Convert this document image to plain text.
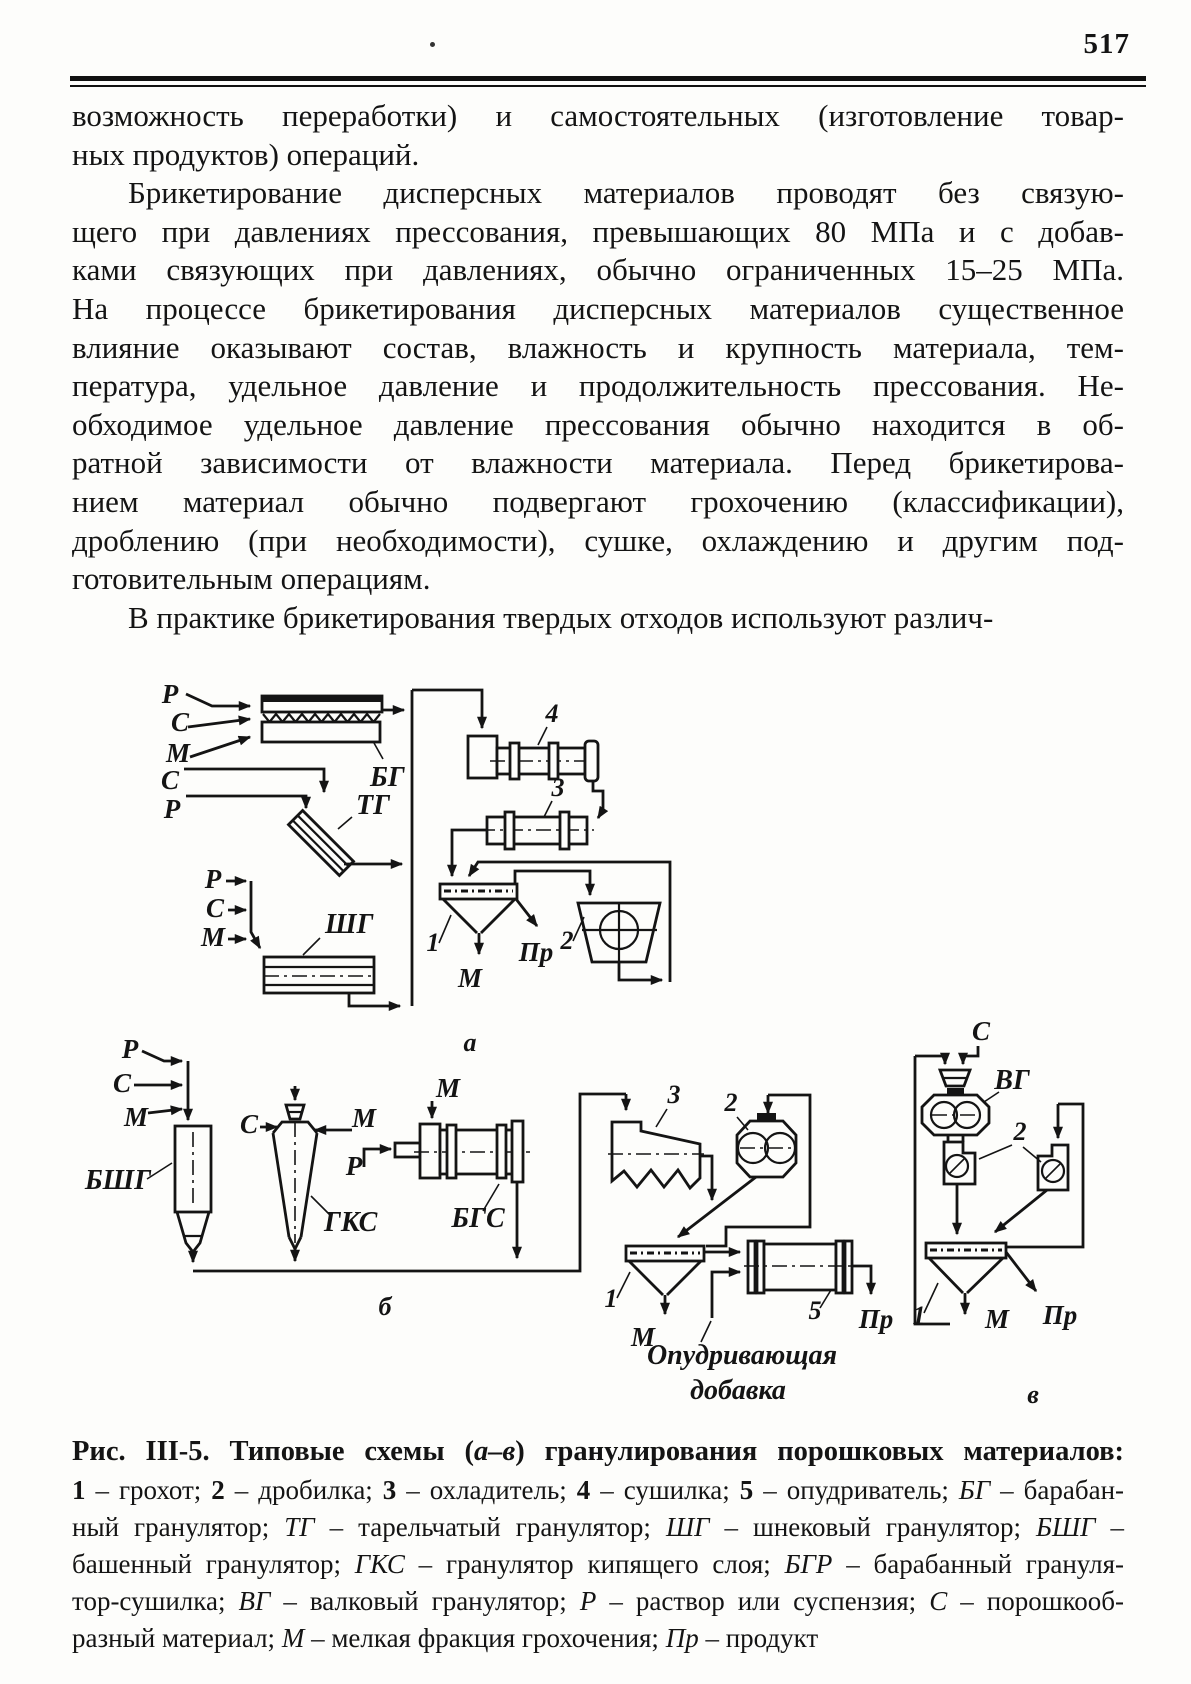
517
возможность переработки) и самостоятельных (изготовление товар-
ных продуктов) операций.
Брикетирование дисперсных материалов проводят без связую-
щего при давлениях прессования, превышающих 80 МПа и с добав-
ками связующих при давлениях, обычно ограниченных 15–25 МПа.
На процессе брикетирования дисперсных материалов существенное
влияние оказывают состав, влажность и крупность материала, тем-
пература, удельное давление и продолжительность прессования. Не-
обходимое удельное давление прессования обычно находится в об-
ратной зависимости от влажности материала. Перед брикетирова-
нием материал обычно подвергают грохочению (классификации),
дроблению (при необходимости), сушке, охлаждению и другим под-
готовительным операциям.
В практике брикетирования твердых отходов используют различ-
Р
С
М
БГ
С
Р	ТГ
Р
С
М	ШГ
4
3
М
1	Пр 2
а
Р
С
М
БШГ
С	М
ГКС
М
Р
БГС
3 2
М
1
Пр
5
Опудривающая
добавка
б
С
ВГ
2
М
1	Пр
в
Рис. III-5. Типовые схемы (а–в) гранулирования порошковых материалов:
1 – грохот; 2 – дробилка; 3 – охладитель; 4 – сушилка; 5 – опудриватель; БГ – барабан-
ный гранулятор; ТГ – тарельчатый гранулятор; ШГ – шнековый гранулятор; БШГ –
башенный гранулятор; ГКС – гранулятор кипящего слоя; БГР – барабанный грануля-
тор-сушилка; ВГ – валковый гранулятор; Р – раствор или суспензия; С – порошкооб-
разный материал; М – мелкая фракция грохочения; Пр – продукт
